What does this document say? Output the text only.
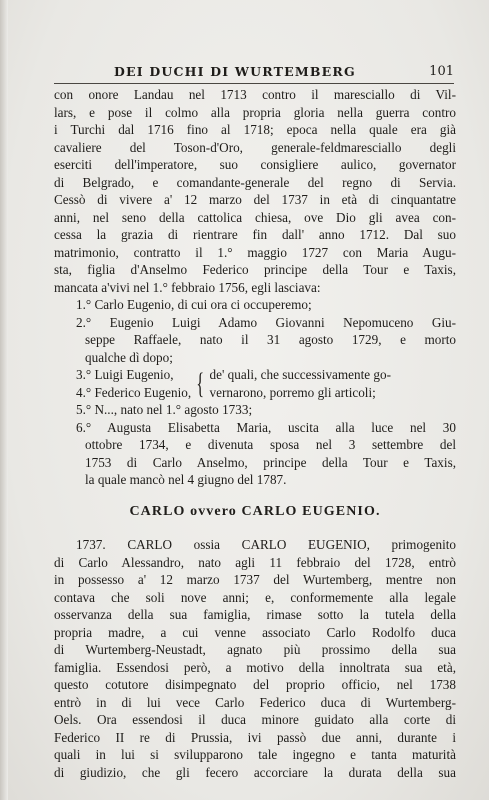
DEI DUCHI DI WURTEMBERG	101
con onore Landau nel 1713 contro il maresciallo di Vil-
lars, e pose il colmo alla propria gloria nella guerra contro
i Turchi dal 1716 fino al 1718; epoca nella quale era già
cavaliere del Toson-d'Oro, generale-feldmaresciallo degli
eserciti dell'imperatore, suo consigliere aulico, governator
di Belgrado, e comandante-generale del regno di Servia.
Cessò di vivere a' 12 marzo del 1737 in età di cinquantatre
anni, nel seno della cattolica chiesa, ove Dio gli avea con-
cessa la grazia di rientrare fin dall' anno 1712. Dal suo
matrimonio, contratto il 1.° maggio 1727 con Maria Augu-
sta, figlia d'Anselmo Federico principe della Tour e Taxis,
mancata a'vivi nel 1.° febbraio 1756, egli lasciava:
1.° Carlo Eugenio, di cui ora ci occuperemo;
2.° Eugenio Luigi Adamo Giovanni Nepomuceno Giu-
seppe Raffaele, nato il 31 agosto 1729, e morto
qualche dì dopo;
3.° Luigi Eugenio,
4.° Federico Eugenio, { de' quali, che successivamente go-
vernarono, porremo gli articoli;
5.° N..., nato nel 1.° agosto 1733;
6.° Augusta Elisabetta Maria, uscita alla luce nel 30
ottobre 1734, e divenuta sposa nel 3 settembre del
1753 di Carlo Anselmo, principe della Tour e Taxis,
la quale mancò nel 4 giugno del 1787.
CARLO ovvero CARLO EUGENIO.
1737. CARLO ossia CARLO EUGENIO, primogenito
di Carlo Alessandro, nato agli 11 febbraio del 1728, entrò
in possesso a' 12 marzo 1737 del Wurtemberg, mentre non
contava che soli nove anni; e, conformemente alla legale
osservanza della sua famiglia, rimase sotto la tutela della
propria madre, a cui venne associato Carlo Rodolfo duca
di Wurtemberg-Neustadt, agnato più prossimo della sua
famiglia. Essendosi però, a motivo della innoltrata sua età,
questo cotutore disimpegnato del proprio officio, nel 1738
entrò in di lui vece Carlo Federico duca di Wurtemberg-
Oels. Ora essendosi il duca minore guidato alla corte di
Federico II re di Prussia, ivi passò due anni, durante i
quali in lui si svilupparono tale ingegno e tanta maturità
di giudizio, che gli fecero accorciare la durata della sua
